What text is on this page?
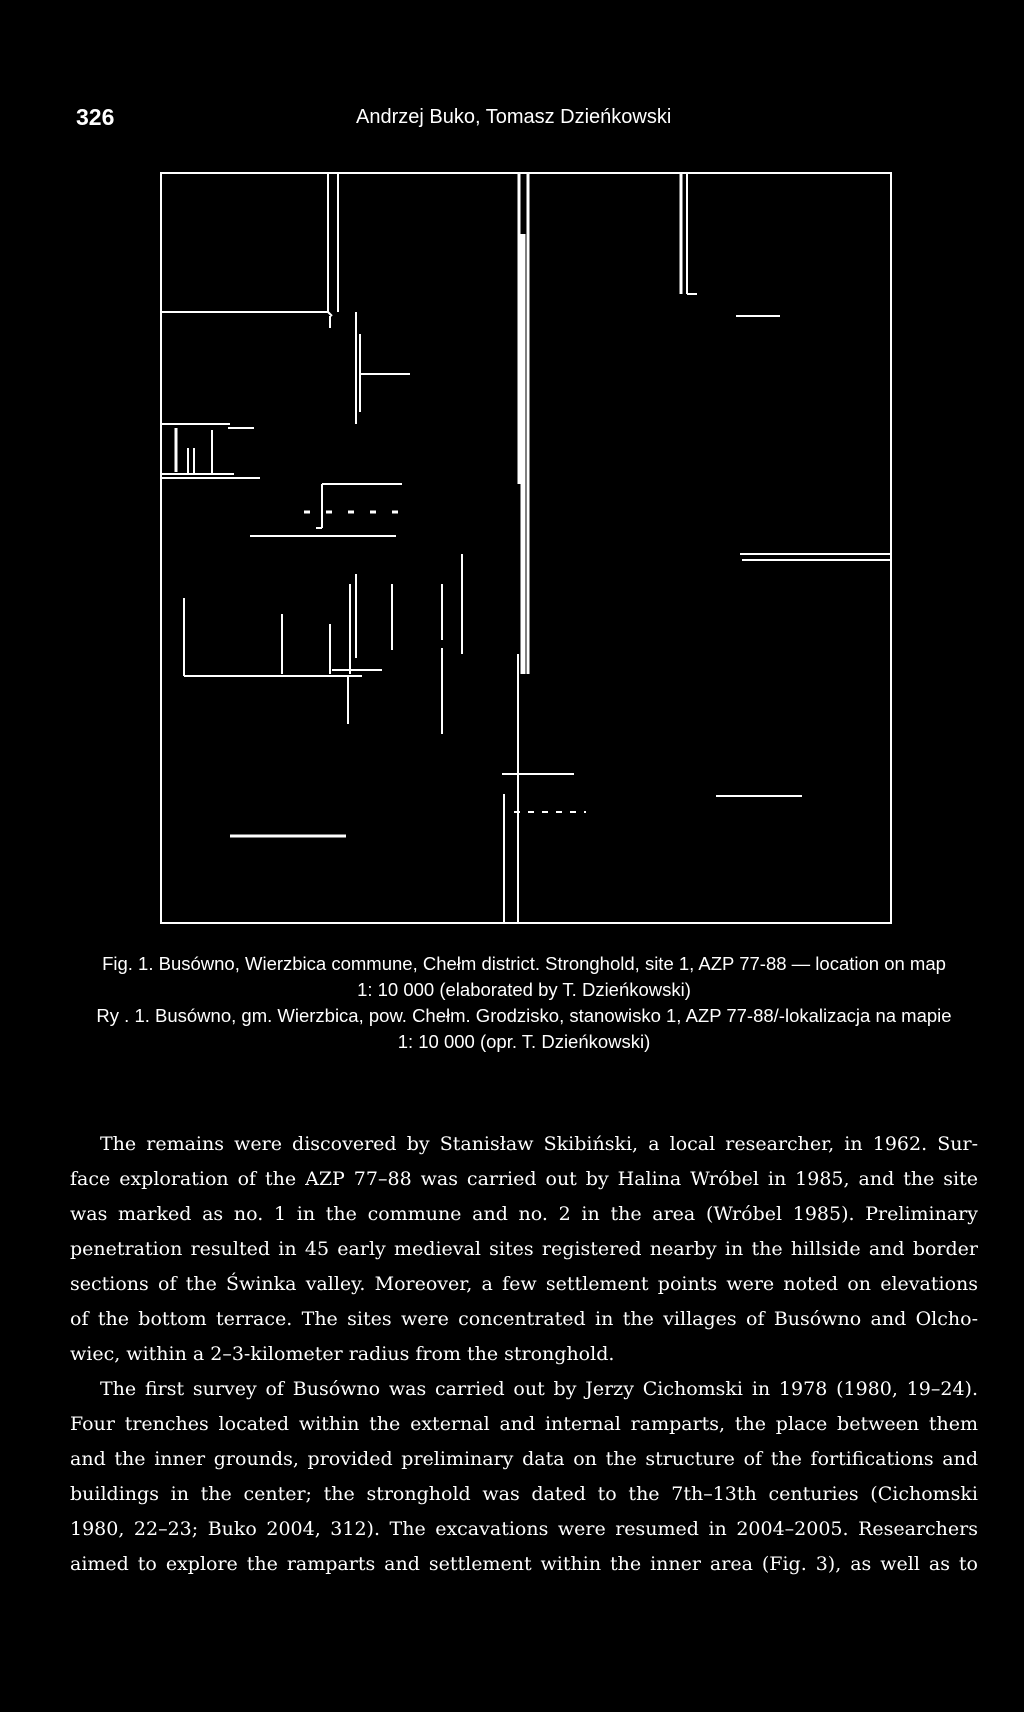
326	Andrzej Buko, Tomasz Dzieńkowski
Fig. 1. Busówno, Wierzbica commune, Chełm district. Stronghold, site 1, AZP 77-88 — location on map
1: 10 000 (elaborated by T. Dzieńkowski)
Ry . 1. Busówno, gm. Wierzbica, pow. Chełm. Grodzisko, stanowisko 1, AZP 77-88/-lokalizacja na mapie
1: 10 000 (opr. T. Dzieńkowski)
The remains were discovered by Stanisław Skibiński, a local researcher, in 1962. Sur-
face exploration of the AZP 77–88 was carried out by Halina Wróbel in 1985, and the site
was marked as no. 1 in the commune and no. 2 in the area (Wróbel 1985). Preliminary
penetration resulted in 45 early medieval sites registered nearby in the hillside and border
sections of the Świnka valley. Moreover, a few settlement points were noted on elevations
of the bottom terrace. The sites were concentrated in the villages of Busówno and Olcho-
wiec, within a 2–3-kilometer radius from the stronghold.
The first survey of Busówno was carried out by Jerzy Cichomski in 1978 (1980, 19–24).
Four trenches located within the external and internal ramparts, the place between them
and the inner grounds, provided preliminary data on the structure of the fortifications and
buildings in the center; the stronghold was dated to the 7th–13th centuries (Cichomski
1980, 22–23; Buko 2004, 312). The excavations were resumed in 2004–2005. Researchers
aimed to explore the ramparts and settlement within the inner area (Fig. 3), as well as to
